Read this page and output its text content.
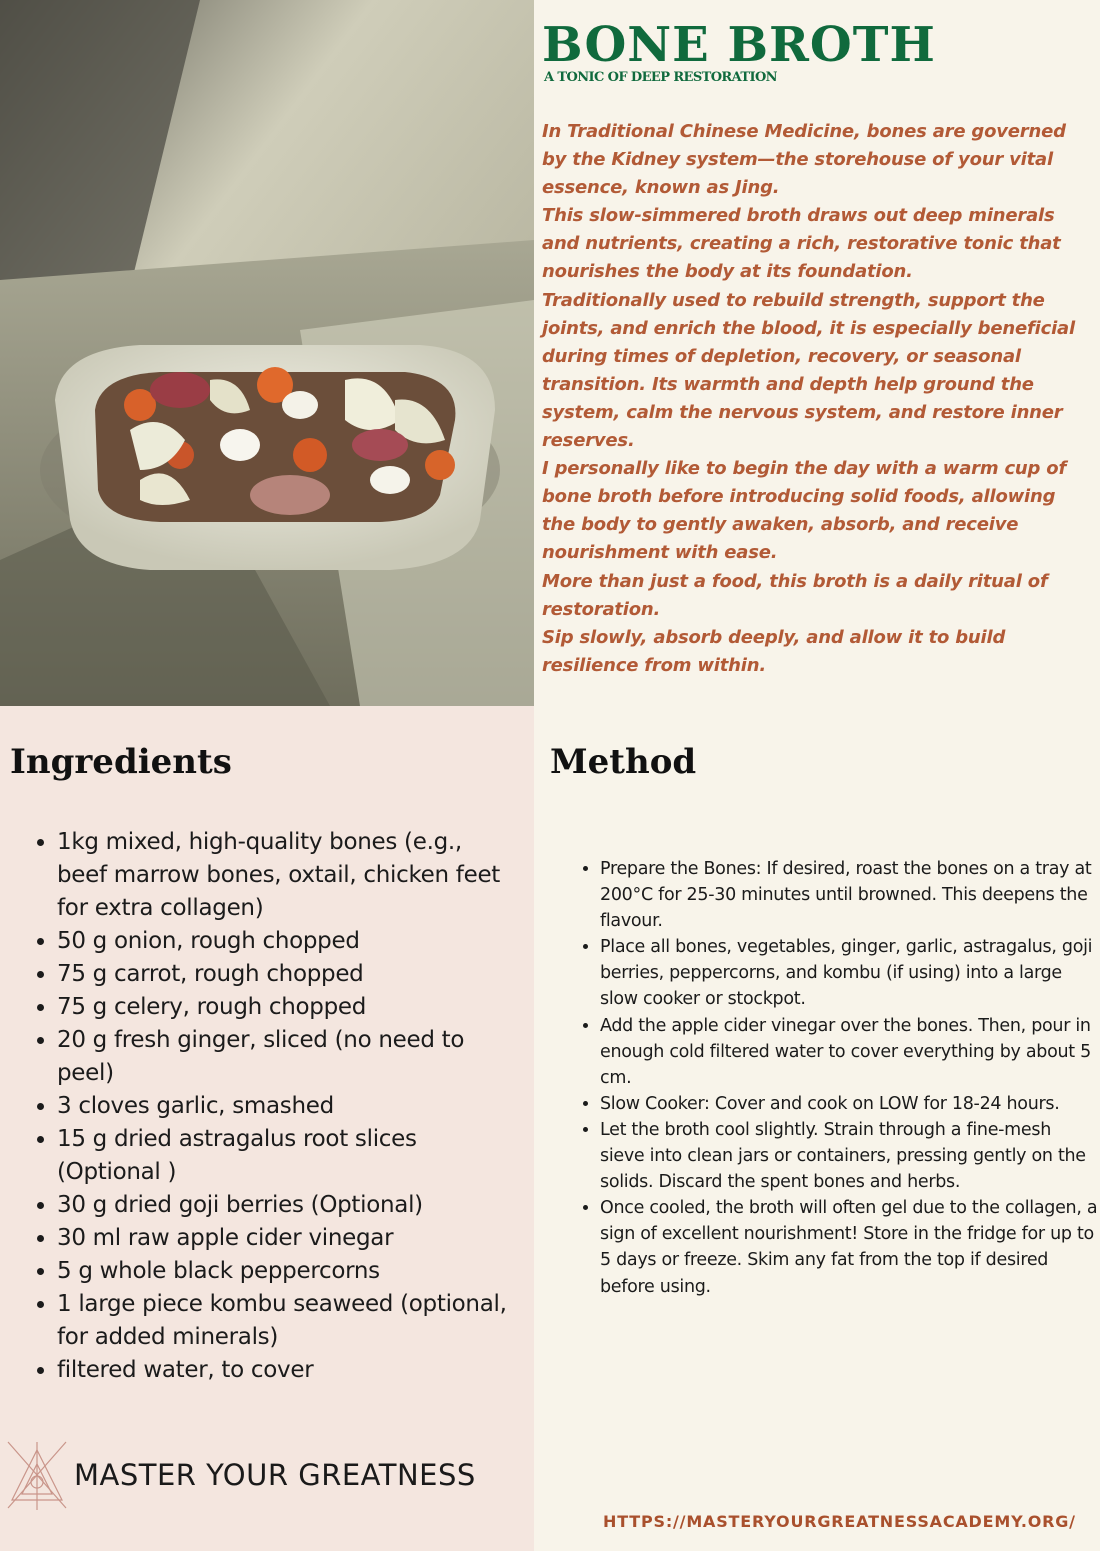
BONE BROTH
A TONIC OF DEEP RESTORATION

In Traditional Chinese Medicine, bones are governed by the Kidney system—the storehouse of your vital essence, known as Jing.

This slow-simmered broth draws out deep minerals and nutrients, creating a rich, restorative tonic that nourishes the body at its foundation.

Traditionally used to rebuild strength, support the joints, and enrich the blood, it is especially beneficial during times of depletion, recovery, or seasonal transition. Its warmth and depth help ground the system, calm the nervous system, and restore inner reserves.

I personally like to begin the day with a warm cup of bone broth before introducing solid foods, allowing the body to gently awaken, absorb, and receive nourishment with ease.

More than just a food, this broth is a daily ritual of restoration.

Sip slowly, absorb deeply, and allow it to build resilience from within.

Ingredients	Method
• 1kg mixed, high-quality bones (e.g., beef marrow bones, oxtail, chicken feet for extra collagen)
• 50 g onion, rough chopped
• 75 g carrot, rough chopped
• 75 g celery, rough chopped
• 20 g fresh ginger, sliced (no need to peel)
• 3 cloves garlic, smashed
• 15 g dried astragalus root slices (Optional )
• 30 g dried goji berries (Optional)
• 30 ml raw apple cider vinegar
• 5 g whole black peppercorns
• 1 large piece kombu seaweed (optional, for added minerals)
• filtered water, to cover
• Prepare the Bones: If desired, roast the bones on a tray at 200°C for 25-30 minutes until browned. This deepens the flavour.
• Place all bones, vegetables, ginger, garlic, astragalus, goji berries, peppercorns, and kombu (if using) into a large slow cooker or stockpot.
• Add the apple cider vinegar over the bones. Then, pour in enough cold filtered water to cover everything by about 5 cm.
• Slow Cooker: Cover and cook on LOW for 18-24 hours.
• Let the broth cool slightly. Strain through a fine-mesh sieve into clean jars or containers, pressing gently on the solids. Discard the spent bones and herbs.
• Once cooled, the broth will often gel due to the collagen, a sign of excellent nourishment! Store in the fridge for up to 5 days or freeze. Skim any fat from the top if desired before using.
MASTER YOUR GREATNESS
HTTPS://MASTERYOURGREATNESSACADEMY.ORG/
